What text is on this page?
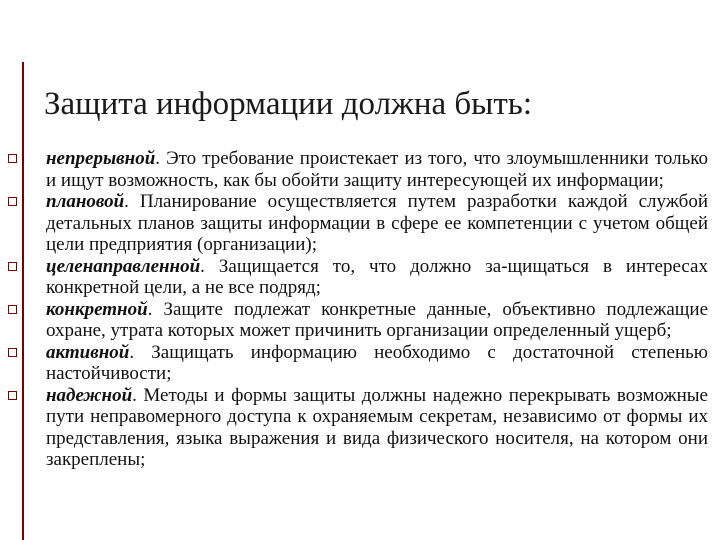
Защита информации должна быть:
непрерывной. Это требование проистекает из того, что злоумышленники только и ищут возможность, как бы обойти защиту интересующей их информации;
плановой. Планирование осуществляется путем разработки каждой службой детальных планов защиты информации в сфере ее компетенции с учетом общей цели предприятия (организации);
целенаправленной. Защищается то, что должно за-щищаться в интересах конкретной цели, а не все подряд;
конкретной. Защите подлежат конкретные данные, объективно подлежащие охране, утрата которых может причинить организации определенный ущерб;
активной. Защищать информацию необходимо с достаточной степенью настойчивости;
надежной. Методы и формы защиты должны надежно перекрывать возможные пути неправомерного доступа к охраняемым секретам, независимо от формы их представления, языка выражения и вида физического носителя, на котором они закреплены;
